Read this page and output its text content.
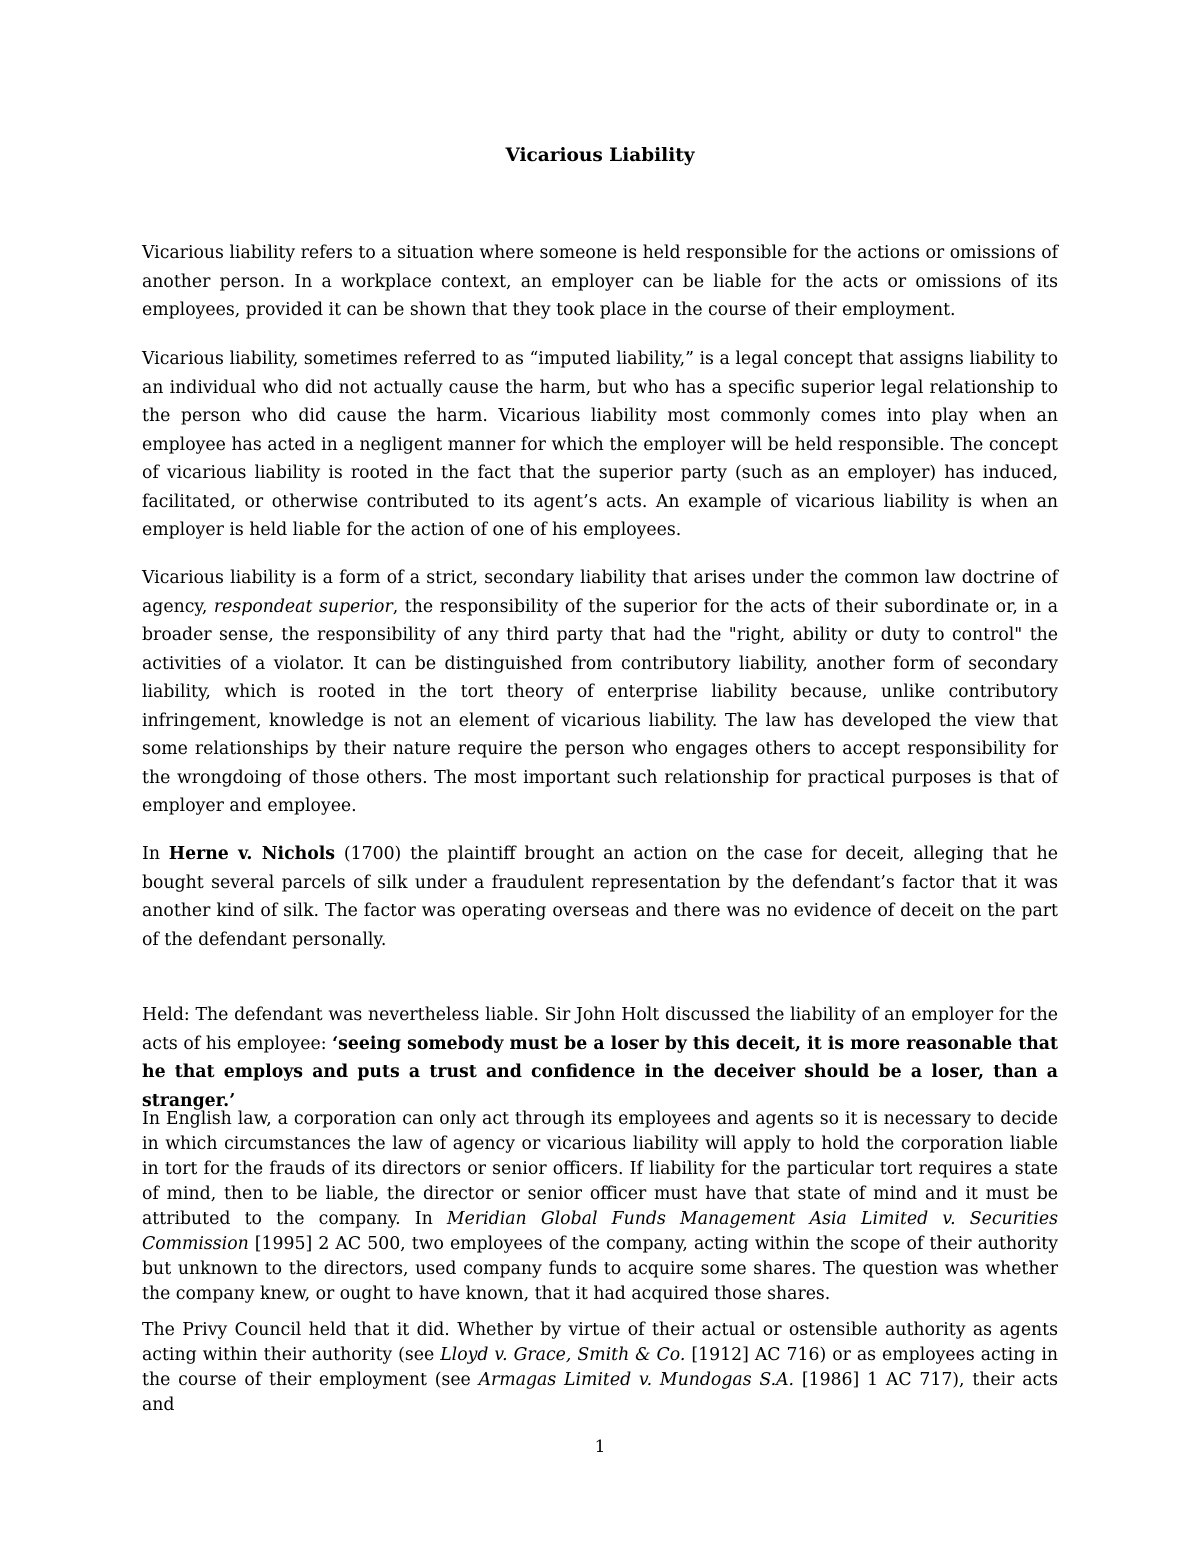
Vicarious Liability

Vicarious liability refers to a situation where someone is held responsible for the actions or omissions of another person. In a workplace context, an employer can be liable for the acts or omissions of its employees, provided it can be shown that they took place in the course of their employment.

Vicarious liability, sometimes referred to as “imputed liability,” is a legal concept that assigns liability to an individual who did not actually cause the harm, but who has a specific superior legal relationship to the person who did cause the harm. Vicarious liability most commonly comes into play when an employee has acted in a negligent manner for which the employer will be held responsible. The concept of vicarious liability is rooted in the fact that the superior party (such as an employer) has induced, facilitated, or otherwise contributed to its agent’s acts. An example of vicarious liability is when an employer is held liable for the action of one of his employees.

Vicarious liability is a form of a strict, secondary liability that arises under the common law doctrine of agency, respondeat superior, the responsibility of the superior for the acts of their subordinate or, in a broader sense, the responsibility of any third party that had the "right, ability or duty to control" the activities of a violator. It can be distinguished from contributory liability, another form of secondary liability, which is rooted in the tort theory of enterprise liability because, unlike contributory infringement, knowledge is not an element of vicarious liability. The law has developed the view that some relationships by their nature require the person who engages others to accept responsibility for the wrongdoing of those others. The most important such relationship for practical purposes is that of employer and employee.

In Herne v. Nichols (1700) the plaintiff brought an action on the case for deceit, alleging that he bought several parcels of silk under a fraudulent representation by the defendant’s factor that it was another kind of silk. The factor was operating overseas and there was no evidence of deceit on the part of the defendant personally.

Held: The defendant was nevertheless liable. Sir John Holt discussed the liability of an employer for the acts of his employee: ‘seeing somebody must be a loser by this deceit, it is more reasonable that he that employs and puts a trust and confidence in the deceiver should be a loser, than a stranger.’

In English law, a corporation can only act through its employees and agents so it is necessary to decide in which circumstances the law of agency or vicarious liability will apply to hold the corporation liable in tort for the frauds of its directors or senior officers. If liability for the particular tort requires a state of mind, then to be liable, the director or senior officer must have that state of mind and it must be attributed to the company. In Meridian Global Funds Management Asia Limited v. Securities Commission [1995] 2 AC 500, two employees of the company, acting within the scope of their authority but unknown to the directors, used company funds to acquire some shares. The question was whether the company knew, or ought to have known, that it had acquired those shares.

The Privy Council held that it did. Whether by virtue of their actual or ostensible authority as agents acting within their authority (see Lloyd v. Grace, Smith & Co. [1912] AC 716) or as employees acting in the course of their employment (see Armagas Limited v. Mundogas S.A. [1986] 1 AC 717), their acts and

1
